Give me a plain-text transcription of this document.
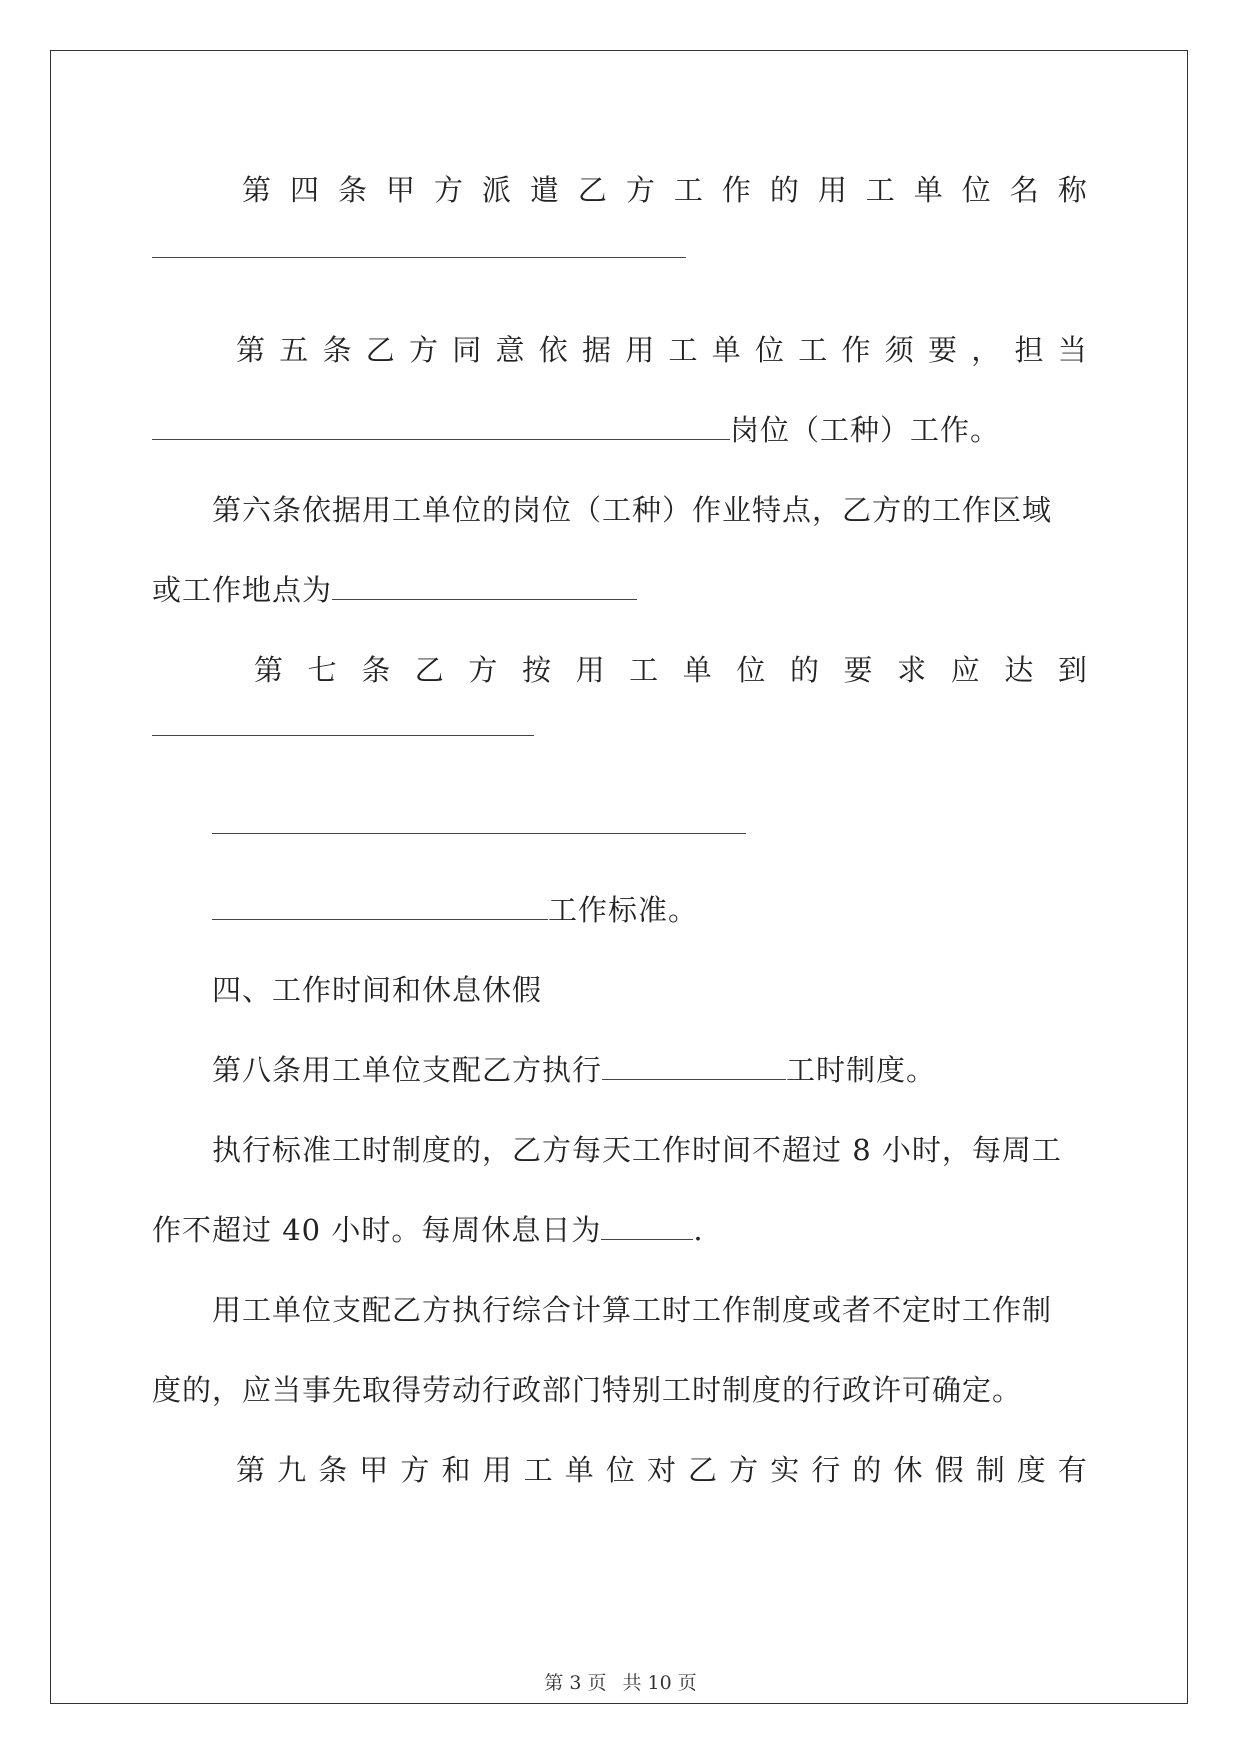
第 四 条 甲 方 派 遣 乙 方 工 作 的 用 工 单 位 名 称
第 五 条 乙 方 同 意 依 据 用 工 单 位 工 作 须 要 ， 担 当
岗位（工种）工作。
第六条依据用工单位的岗位（工种）作业特点，乙方的工作区域
或工作地点为
第 七 条 乙 方 按 用 工 单 位 的 要 求 应 达 到
工作标准。
四、工作时间和休息休假
第八条用工单位支配乙方执行	工时制度。
执行标准工时制度的，乙方每天工作时间不超过 8 小时，每周工
作不超过 40 小时。每周休息日为	.
用工单位支配乙方执行综合计算工时工作制度或者不定时工作制
度的，应当事先取得劳动行政部门特别工时制度的行政许可确定。
第 九 条 甲 方 和 用 工 单 位 对 乙 方 实 行 的 休 假 制 度 有
第 3 页 共 10 页
